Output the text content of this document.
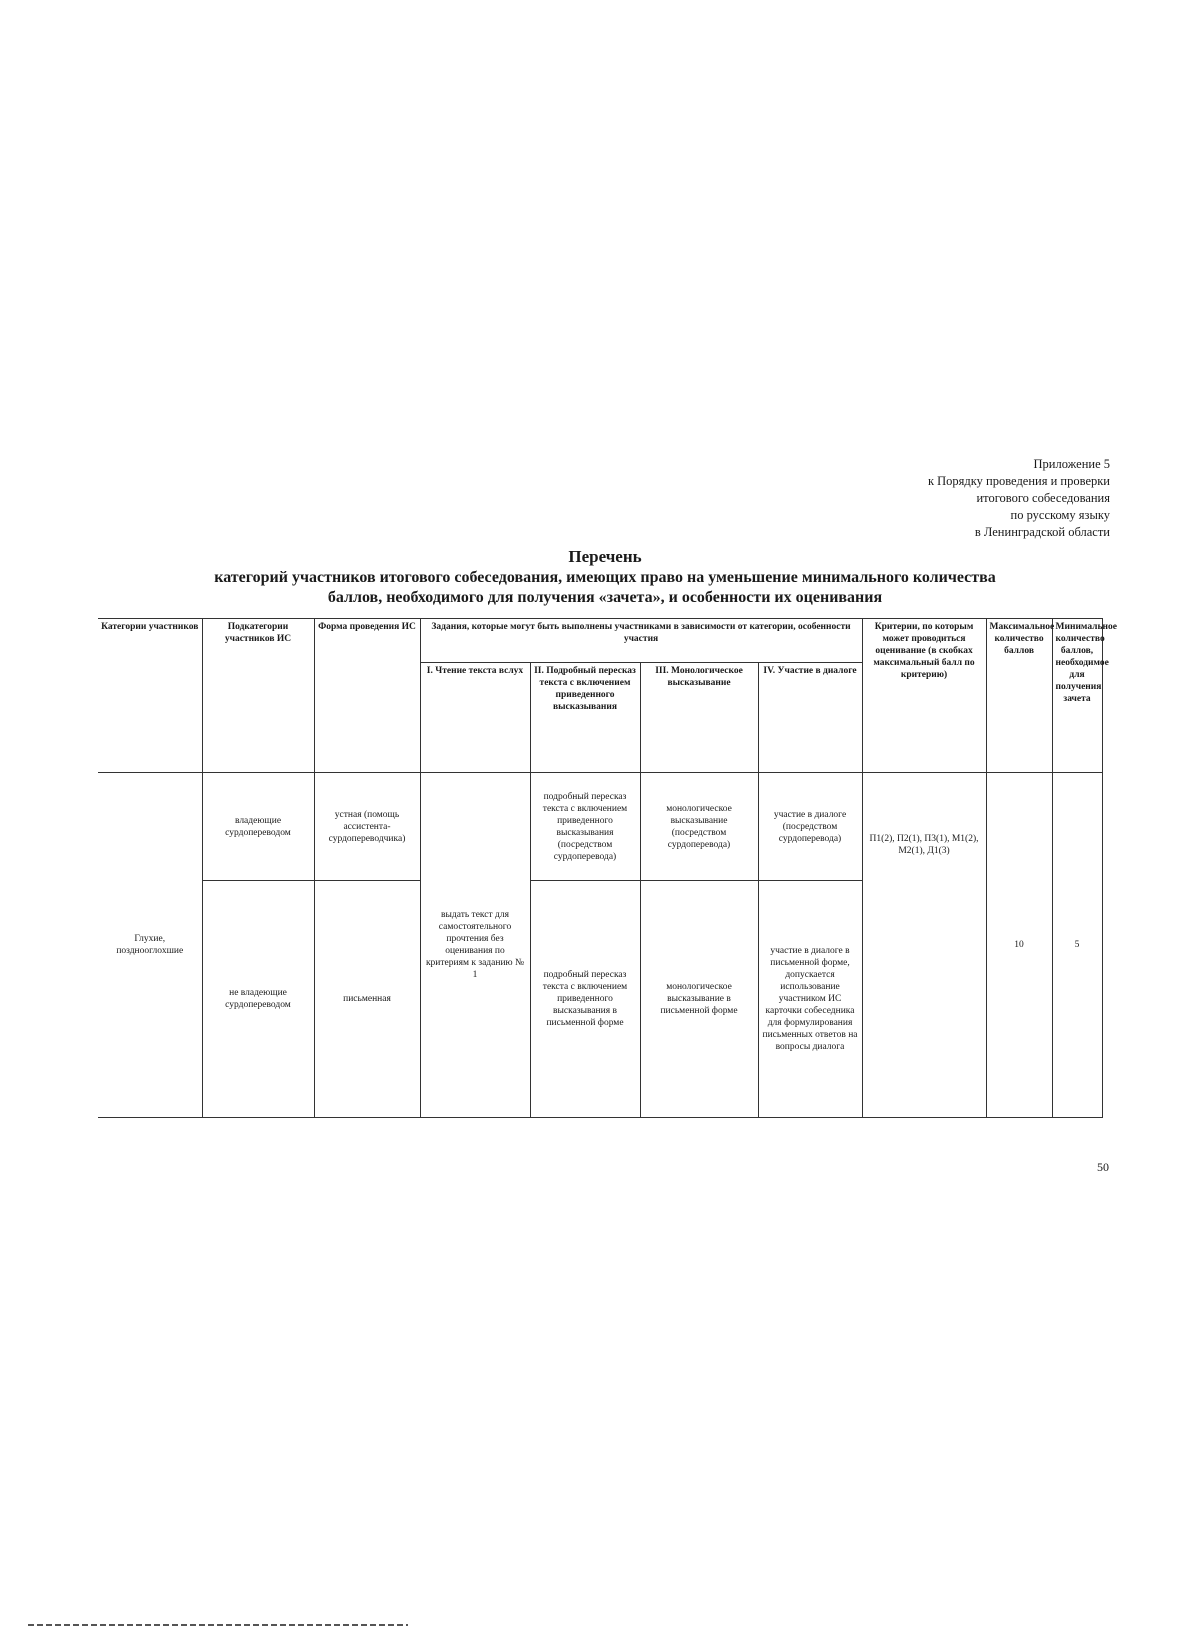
Приложение 5
к Порядку проведения и проверки
итогового собеседования
по русскому языку
в Ленинградской области
Перечень
категорий участников итогового собеседования, имеющих право на уменьшение минимального количества
баллов, необходимого для получения «зачета», и особенности их оценивания
Категории участников	Подкатегории участников ИС	Форма проведения ИС	Задания, которые могут быть выполнены участниками в зависимости от категории, особенности участия				Критерии, по которым может проводиться оценивание (в скобках максимальный балл по критерию)	Максимальное количество баллов	Минимальное количество баллов, необходимое для получения зачета
			I. Чтение текста вслух	II. Подробный пересказ текста с включением приведенного высказывания	III. Монологическое высказывание	IV. Участие в диалоге			
Глухие, позднооглохшие	владеющие сурдопереводом	устная (помощь ассистента-сурдопереводчика)	выдать текст для самостоятельного прочтения без оценивания по критериям к заданию № 1	подробный пересказ текста с включением приведенного высказывания (посредством сурдоперевода)	монологическое высказывание (посредством сурдоперевода)	участие в диалоге (посредством сурдоперевода)	П1(2), П2(1), П3(1), М1(2), М2(1), Д1(3)	10	5
	не владеющие сурдопереводом	письменная		подробный пересказ текста с включением приведенного высказывания в письменной форме	монологическое высказывание в письменной форме	участие в диалоге в письменной форме, допускается использование участником ИС карточки собеседника для формулирования письменных ответов на вопросы диалога			
50
